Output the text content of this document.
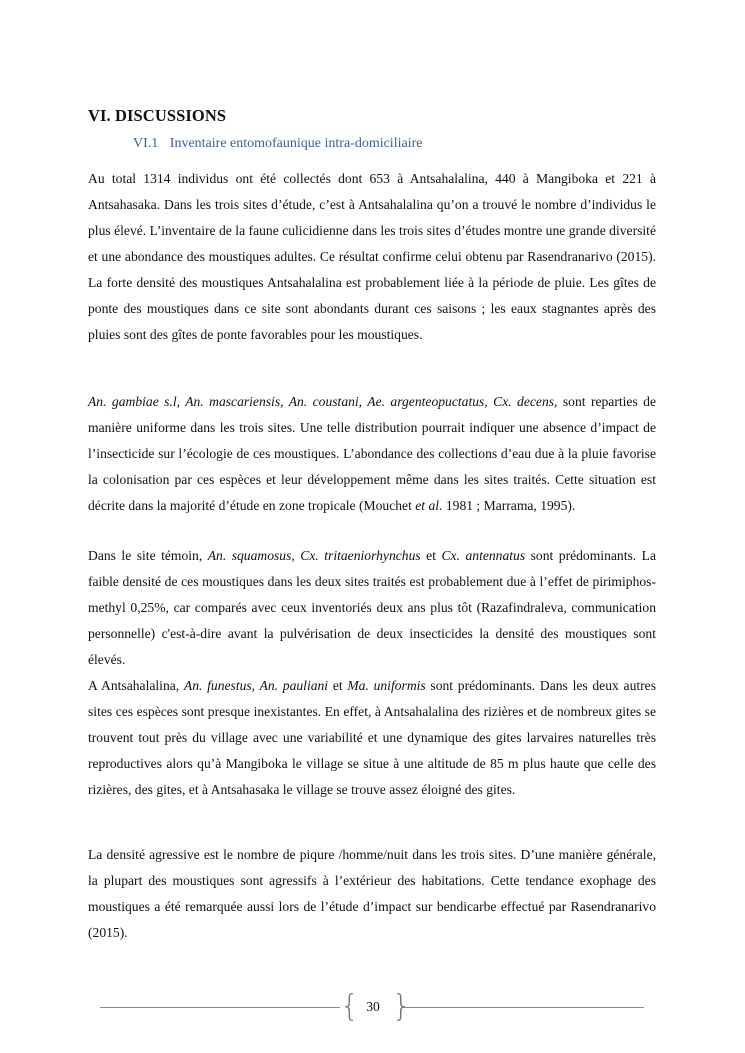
VI. DISCUSSIONS
VI.1 Inventaire entomofaunique intra-domiciliaire

Au total 1314 individus ont été collectés dont 653 à Antsahalalina, 440 à Mangiboka et 221 à Antsahasaka. Dans les trois sites d’étude, c’est à Antsahalalina qu’on a trouvé le nombre d’individus le plus élevé. L’inventaire de la faune culicidienne dans les trois sites d’études montre une grande diversité et une abondance des moustiques adultes. Ce résultat confirme celui obtenu par Rasendranarivo (2015). La forte densité des moustiques Antsahalalina est probablement liée à la période de pluie. Les gîtes de ponte des moustiques dans ce site sont abondants durant ces saisons ; les eaux stagnantes après des pluies sont des gîtes de ponte favorables pour les moustiques.

An. gambiae s.l, An. mascariensis, An. coustani, Ae. argenteopuctatus, Cx. decens, sont reparties de manière uniforme dans les trois sites. Une telle distribution pourrait indiquer une absence d’impact de l’insecticide sur l’écologie de ces moustiques. L’abondance des collections d’eau due à la pluie favorise la colonisation par ces espèces et leur développement même dans les sites traités. Cette situation est décrite dans la majorité d’étude en zone tropicale (Mouchet et al. 1981 ; Marrama, 1995).

Dans le site témoin, An. squamosus, Cx. tritaeniorhynchus et Cx. antennatus sont prédominants. La faible densité de ces moustiques dans les deux sites traités est probablement due à l’effet de pirimiphos-methyl 0,25%, car comparés avec ceux inventoriés deux ans plus tôt (Razafindraleva, communication personnelle) c'est-à-dire avant la pulvérisation de deux insecticides la densité des moustiques sont élevés.

A Antsahalalina, An. funestus, An. pauliani et Ma. uniformis sont prédominants. Dans les deux autres sites ces espèces sont presque inexistantes. En effet, à Antsahalalina des rizières et de nombreux gites se trouvent tout près du village avec une variabilité et une dynamique des gites larvaires naturelles très reproductives alors qu’à Mangiboka le village se situe à une altitude de 85 m plus haute que celle des rizières, des gites, et à Antsahasaka le village se trouve assez éloigné des gites.

La densité agressive est le nombre de piqure /homme/nuit dans les trois sites. D’une manière générale, la plupart des moustiques sont agressifs à l’extérieur des habitations. Cette tendance exophage des moustiques a été remarquée aussi lors de l’étude d’impact sur bendicarbe effectué par Rasendranarivo (2015).

{ }
30
